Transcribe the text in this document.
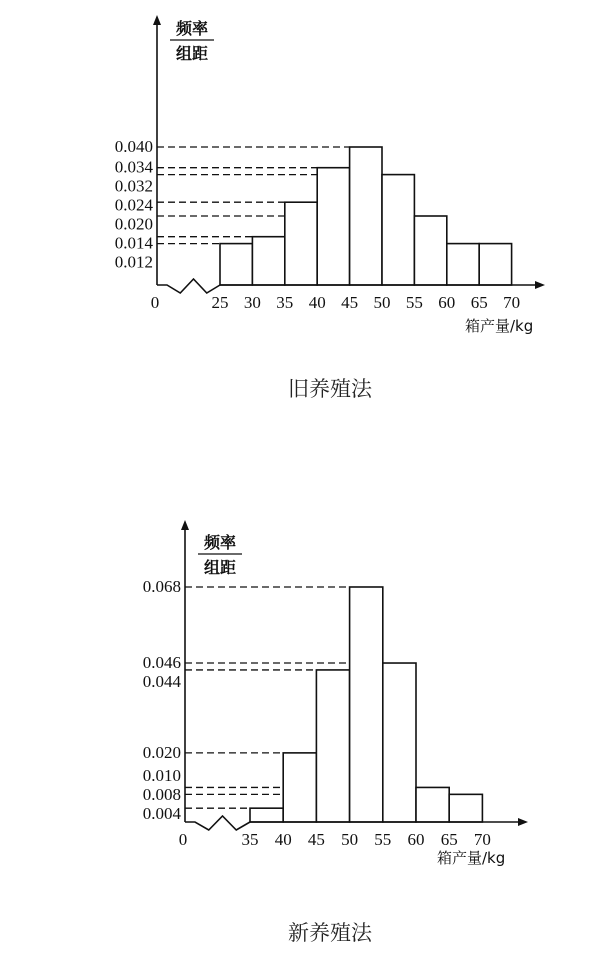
0.040
0.034
0.032
0.024
0.020
0.014
0.012
25 30 35 40 45 50 55 60 65 70
0
频率
组距
箱产量/kg
旧养殖法
0.068
0.046
0.044
0.020
0.010
0.008
0.004
35 40 45 50 55 60 65 70
0
频率
组距
箱产量/kg
新养殖法
